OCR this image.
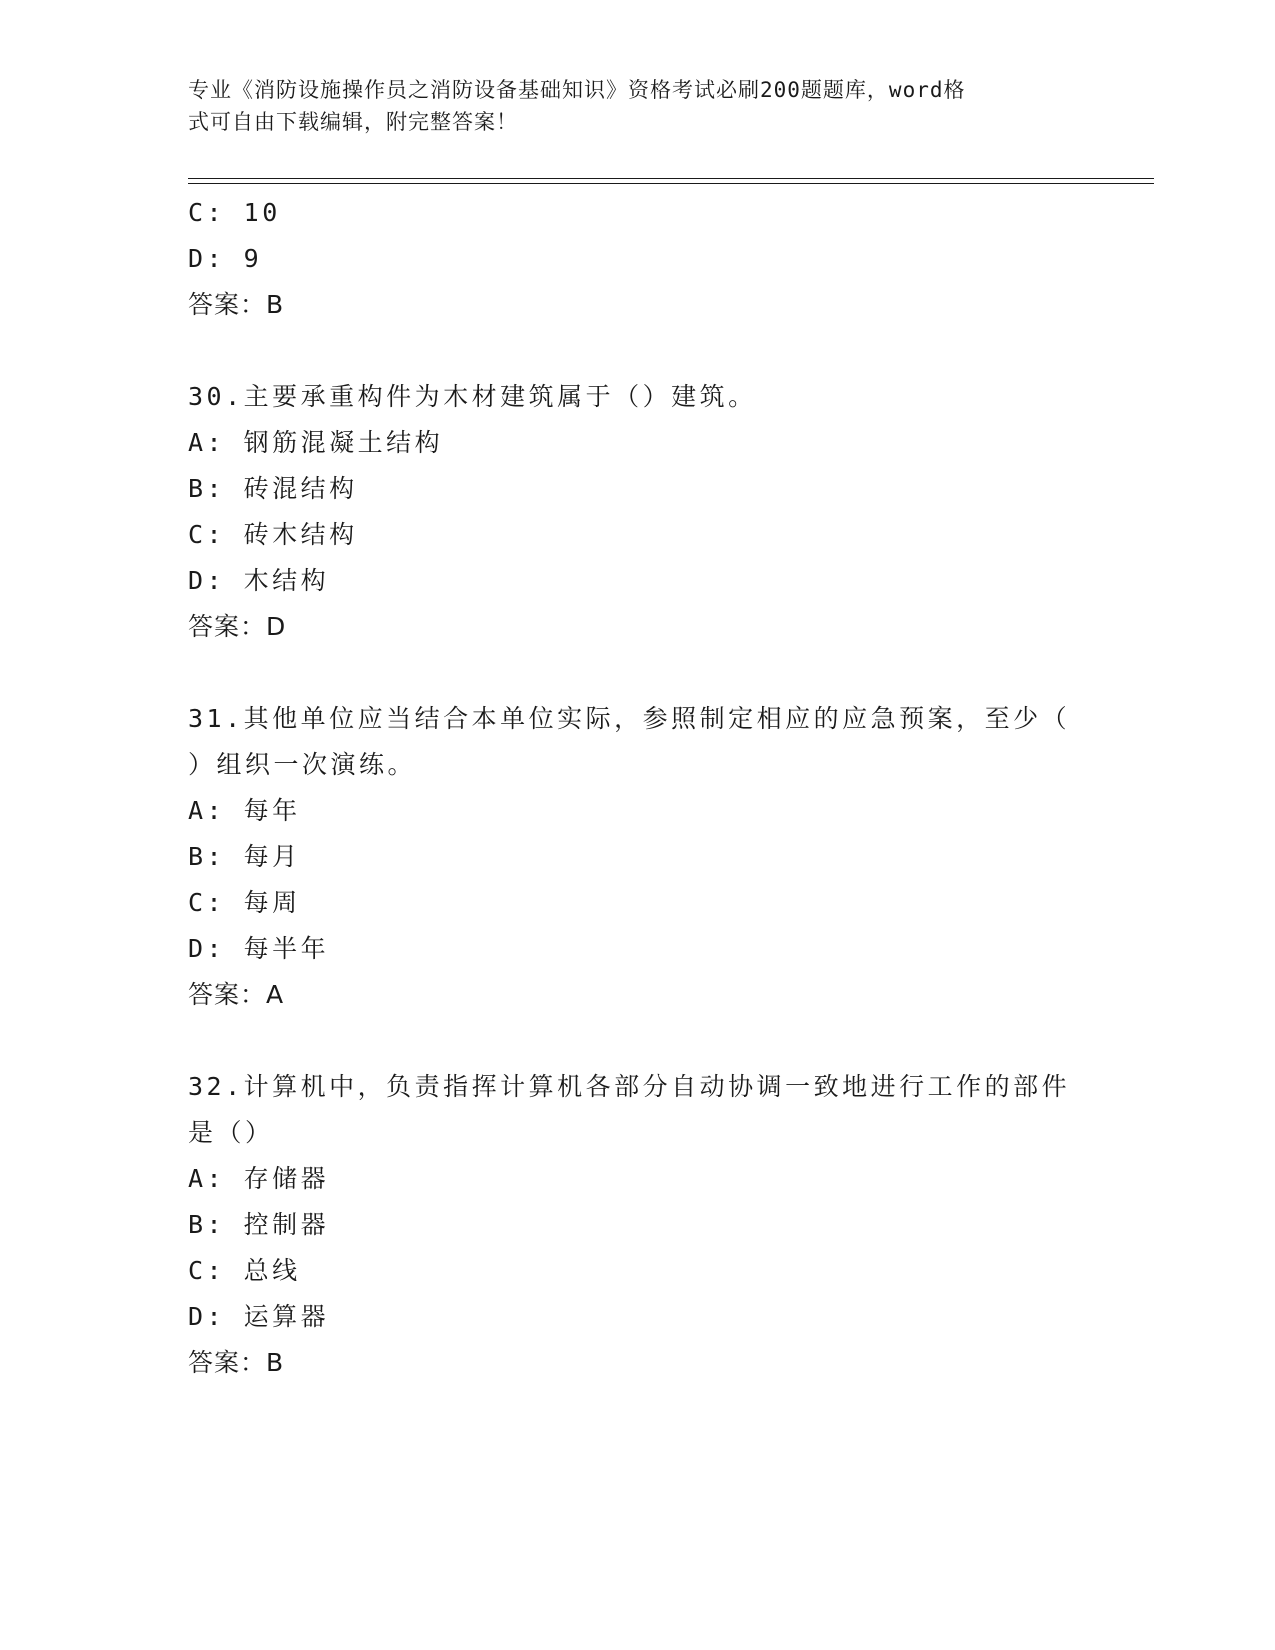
专业《消防设施操作员之消防设备基础知识》资格考试必刷200题题库，word格
式可自由下载编辑，附完整答案！
C: 10
D: 9
答案：B
30.主要承重构件为木材建筑属于（）建筑。
A: 钢筋混凝土结构
B: 砖混结构
C: 砖木结构
D: 木结构
答案：D
31.其他单位应当结合本单位实际，参照制定相应的应急预案，至少（
）组织一次演练。
A: 每年
B: 每月
C: 每周
D: 每半年
答案：A
32.计算机中，负责指挥计算机各部分自动协调一致地进行工作的部件
是（）
A: 存储器
B: 控制器
C: 总线
D: 运算器
答案：B
